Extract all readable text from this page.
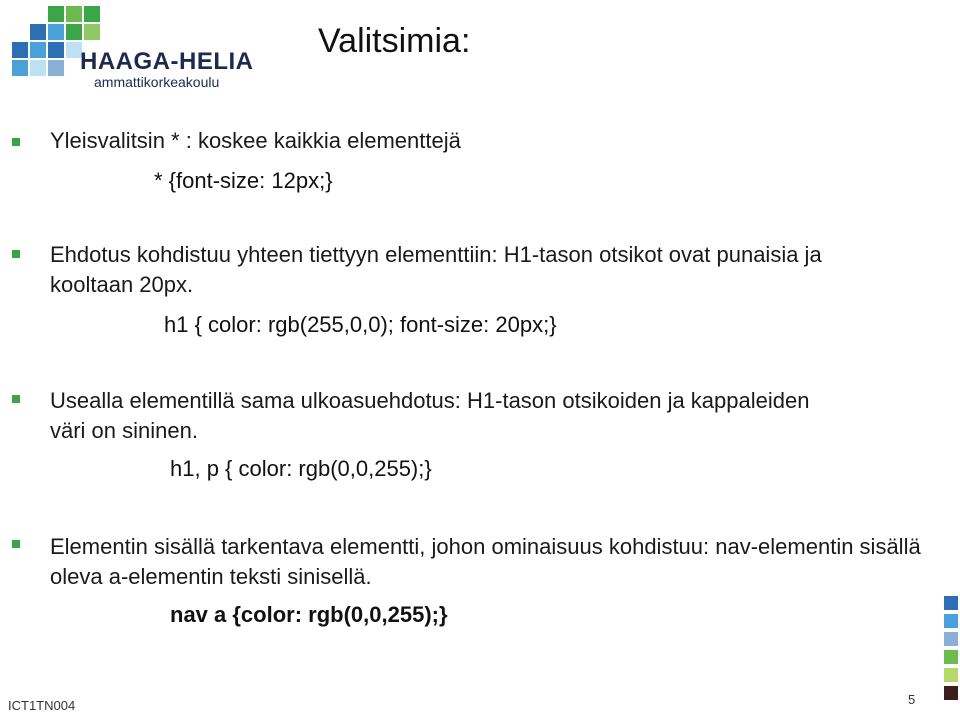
HAAGA-HELIA
ammattikorkeakoulu
Valitsimia:
Yleisvalitsin * : koskee kaikkia elementtejä
* {font-size: 12px;}
Ehdotus kohdistuu yhteen tiettyyn elementtiin: H1-tason otsikot ovat punaisia ja kooltaan 20px.
h1 { color: rgb(255,0,0); font-size: 20px;}
Usealla elementillä sama ulkoasuehdotus: H1-tason otsikoiden ja kappaleiden väri on sininen.
h1, p { color: rgb(0,0,255);}
Elementin sisällä tarkentava elementti, johon ominaisuus kohdistuu: nav-elementin sisällä oleva a-elementin teksti sinisellä.
nav a {color: rgb(0,0,255);}
ICT1TN004	5
